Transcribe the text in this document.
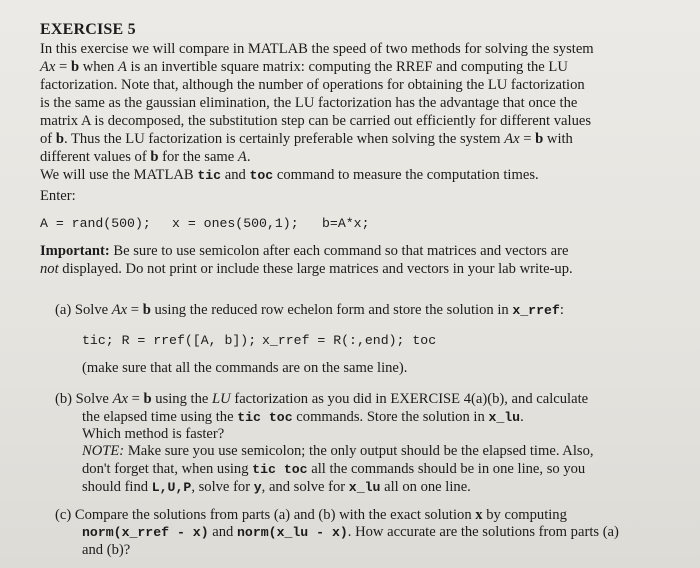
EXERCISE 5
In this exercise we will compare in MATLAB the speed of two methods for solving the system
Ax = b when A is an invertible square matrix: computing the RREF and computing the LU
factorization. Note that, although the number of operations for obtaining the LU factorization
is the same as the gaussian elimination, the LU factorization has the advantage that once the
matrix A is decomposed, the substitution step can be carried out efficiently for different values
of b. Thus the LU factorization is certainly preferable when solving the system Ax = b with
different values of b for the same A.
We will use the MATLAB tic and toc command to measure the computation times.
Enter:
A = rand(500); x = ones(500,1); b=A*x;
Important: Be sure to use semicolon after each command so that matrices and vectors are
not displayed. Do not print or include these large matrices and vectors in your lab write-up.
(a) Solve Ax = b using the reduced row echelon form and store the solution in x_rref:
tic; R = rref([A, b]); x_rref = R(:,end); toc
(make sure that all the commands are on the same line).
(b) Solve Ax = b using the LU factorization as you did in EXERCISE 4(a)(b), and calculate
the elapsed time using the tic toc commands. Store the solution in x_lu.
Which method is faster?
NOTE: Make sure you use semicolon; the only output should be the elapsed time. Also,
don't forget that, when using tic toc all the commands should be in one line, so you
should find L,U,P, solve for y, and solve for x_lu all on one line.
(c) Compare the solutions from parts (a) and (b) with the exact solution x by computing
norm(x_rref - x) and norm(x_lu - x). How accurate are the solutions from parts (a)
and (b)?
